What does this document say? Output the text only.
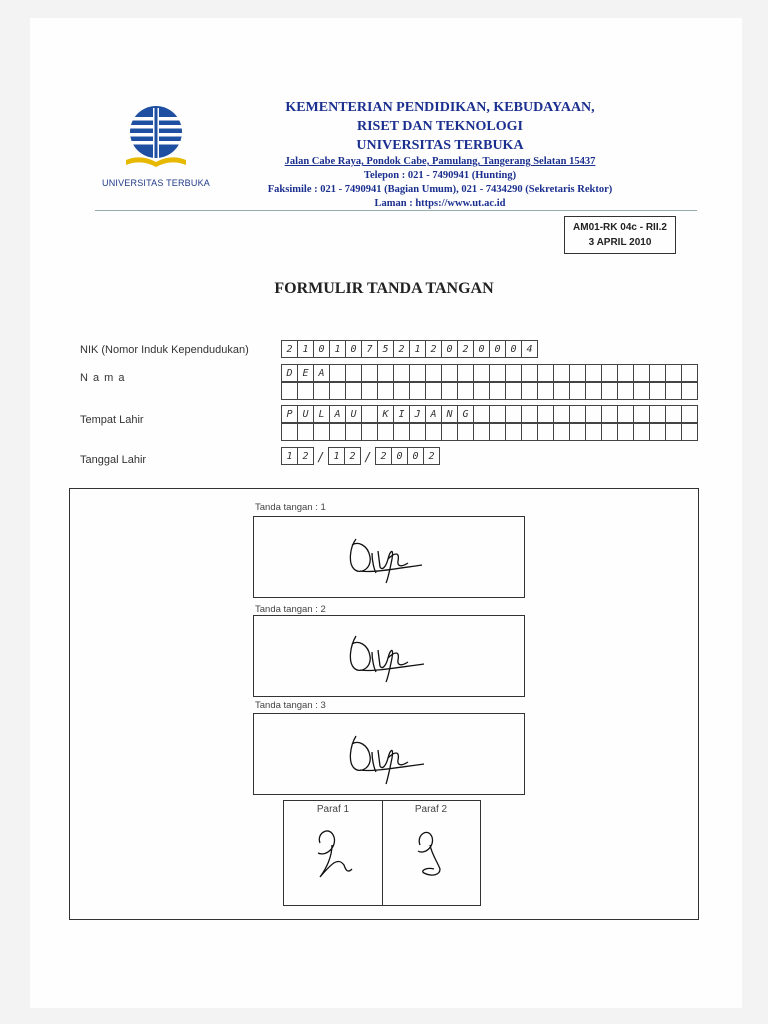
UNIVERSITAS TERBUKA
KEMENTERIAN PENDIDIKAN, KEBUDAYAAN,
RISET DAN TEKNOLOGI
UNIVERSITAS TERBUKA
Jalan Cabe Raya, Pondok Cabe, Pamulang, Tangerang Selatan 15437
Telepon : 021 - 7490941 (Hunting)
Faksimile : 021 - 7490941 (Bagian Umum), 021 - 7434290 (Sekretaris Rektor)
Laman : https://www.ut.ac.id
AM01-RK 04c - RII.2
3 APRIL 2010
FORMULIR TANDA TANGAN
NIK (Nomor Induk Kependudukan)	2 1 0 1 0 7 5 2 1 2 0 2 0 0 0 4
N a m a	D E A
Tempat Lahir	P U L A U	K I J A N G
Tanggal Lahir	1 2 / 1 2 / 2 0 0 2
Tanda tangan : 1
Tanda tangan : 2
Tanda tangan : 3
Paraf 1	Paraf 2
